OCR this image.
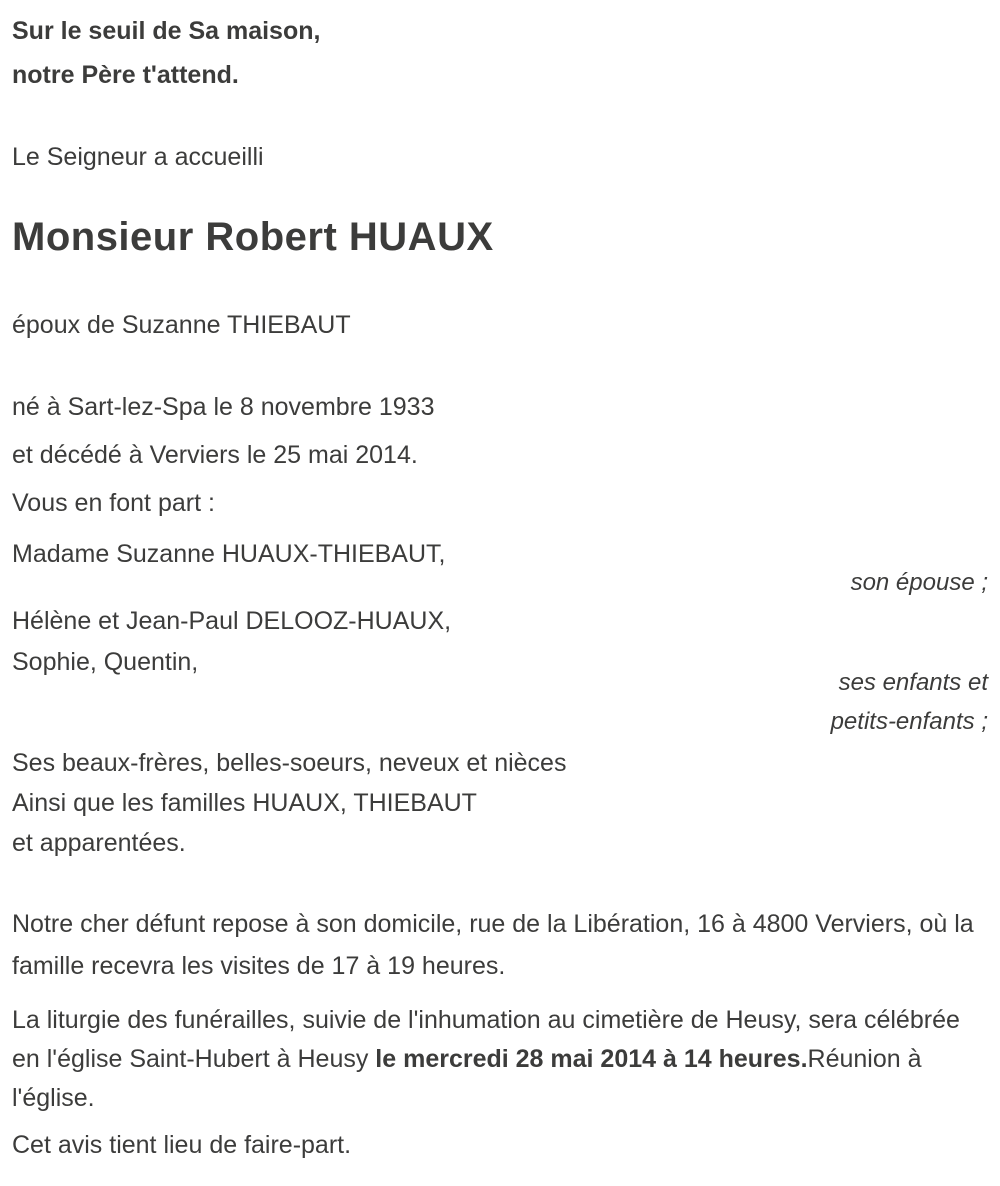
Sur le seuil de Sa maison,

notre Père t'attend.

Le Seigneur a accueilli

Monsieur Robert HUAUX

époux de Suzanne THIEBAUT

né à Sart-lez-Spa le 8 novembre 1933

et décédé à Verviers le 25 mai 2014.

Vous en font part :

Madame Suzanne HUAUX-THIEBAUT,

son épouse ;

Hélène et Jean-Paul DELOOZ-HUAUX,

Sophie, Quentin,

ses enfants et

petits-enfants ;

Ses beaux-frères, belles-soeurs, neveux et nièces

Ainsi que les familles HUAUX, THIEBAUT

et apparentées.

Notre cher défunt repose à son domicile, rue de la Libération, 16 à 4800 Verviers, où la famille recevra les visites de 17 à 19 heures.

La liturgie des funérailles, suivie de l'inhumation au cimetière de Heusy, sera célébrée en l'église Saint-Hubert à Heusy le mercredi 28 mai 2014 à 14 heures.Réunion à l'église.

Cet avis tient lieu de faire-part.
